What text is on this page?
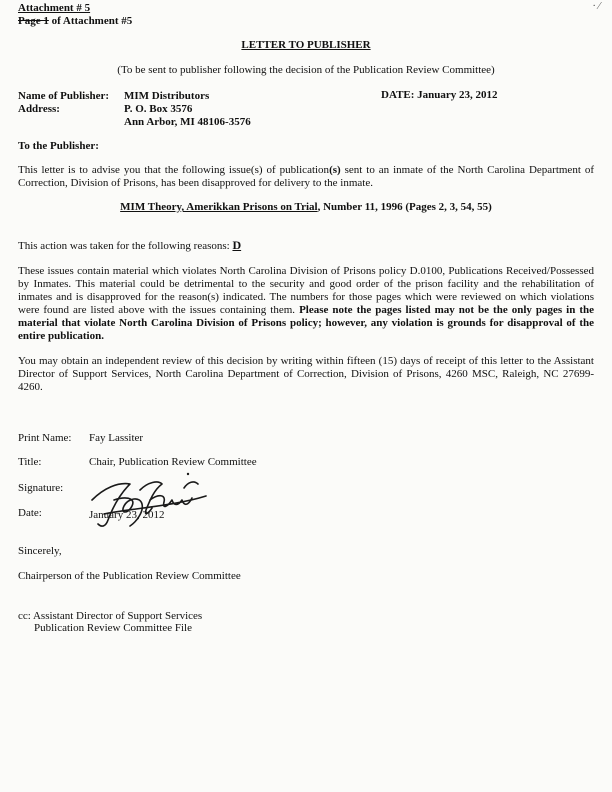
Attachment # 5
Page 1 of Attachment #5
· ⁄
LETTER TO PUBLISHER
(To be sent to publisher following the decision of the Publication Review Committee)
Name of Publisher:
Address:
MIM Distributors
P. O. Box 3576
Ann Arbor, MI 48106-3576
DATE: January 23, 2012
To the Publisher:
This letter is to advise you that the following issue(s) of publication(s) sent to an inmate of the North Carolina Department of Correction, Division of Prisons, has been disapproved for delivery to the inmate.
MIM Theory, Amerikkan Prisons on Trial, Number 11, 1996 (Pages 2, 3, 54, 55)
This action was taken for the following reasons: D
These issues contain material which violates North Carolina Division of Prisons policy D.0100, Publications Received/Possessed by Inmates. This material could be detrimental to the security and good order of the prison facility and the rehabilitation of inmates and is disapproved for the reason(s) indicated. The numbers for those pages which were reviewed on which violations were found are listed above with the issues containing them. Please note the pages listed may not be the only pages in the material that violate North Carolina Division of Prisons policy; however, any violation is grounds for disapproval of the entire publication.
You may obtain an independent review of this decision by writing within fifteen (15) days of receipt of this letter to the Assistant Director of Support Services, North Carolina Department of Correction, Division of Prisons, 4260 MSC, Raleigh, NC 27699-4260.
Print Name: Fay Lassiter
Title:	Chair, Publication Review Committee
Signature:
Date:	January 23, 2012
Sincerely,
Chairperson of the Publication Review Committee
cc: Assistant Director of Support Services
Publication Review Committee File
